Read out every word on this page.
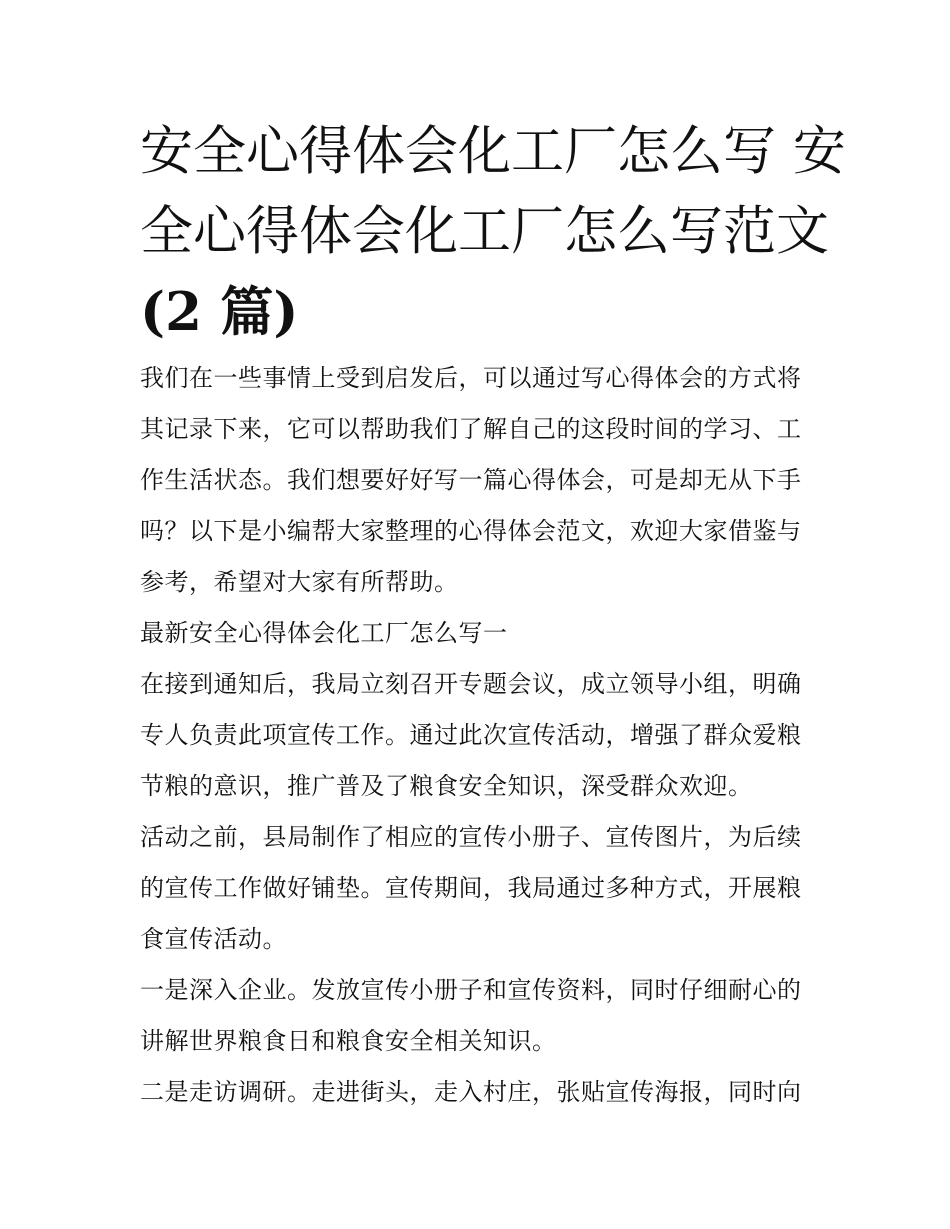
安全心得体会化工厂怎么写 安
全心得体会化工厂怎么写范文
(2 篇)

我们在一些事情上受到启发后，可以通过写心得体会的方式将

其记录下来，它可以帮助我们了解自己的这段时间的学习、工

作生活状态。我们想要好好写一篇心得体会，可是却无从下手

吗？以下是小编帮大家整理的心得体会范文，欢迎大家借鉴与

参考，希望对大家有所帮助。

最新安全心得体会化工厂怎么写一

在接到通知后，我局立刻召开专题会议，成立领导小组，明确

专人负责此项宣传工作。通过此次宣传活动，增强了群众爱粮

节粮的意识，推广普及了粮食安全知识，深受群众欢迎。

活动之前，县局制作了相应的宣传小册子、宣传图片，为后续

的宣传工作做好铺垫。宣传期间，我局通过多种方式，开展粮

食宣传活动。

一是深入企业。发放宣传小册子和宣传资料，同时仔细耐心的

讲解世界粮食日和粮食安全相关知识。

二是走访调研。走进街头，走入村庄，张贴宣传海报，同时向
